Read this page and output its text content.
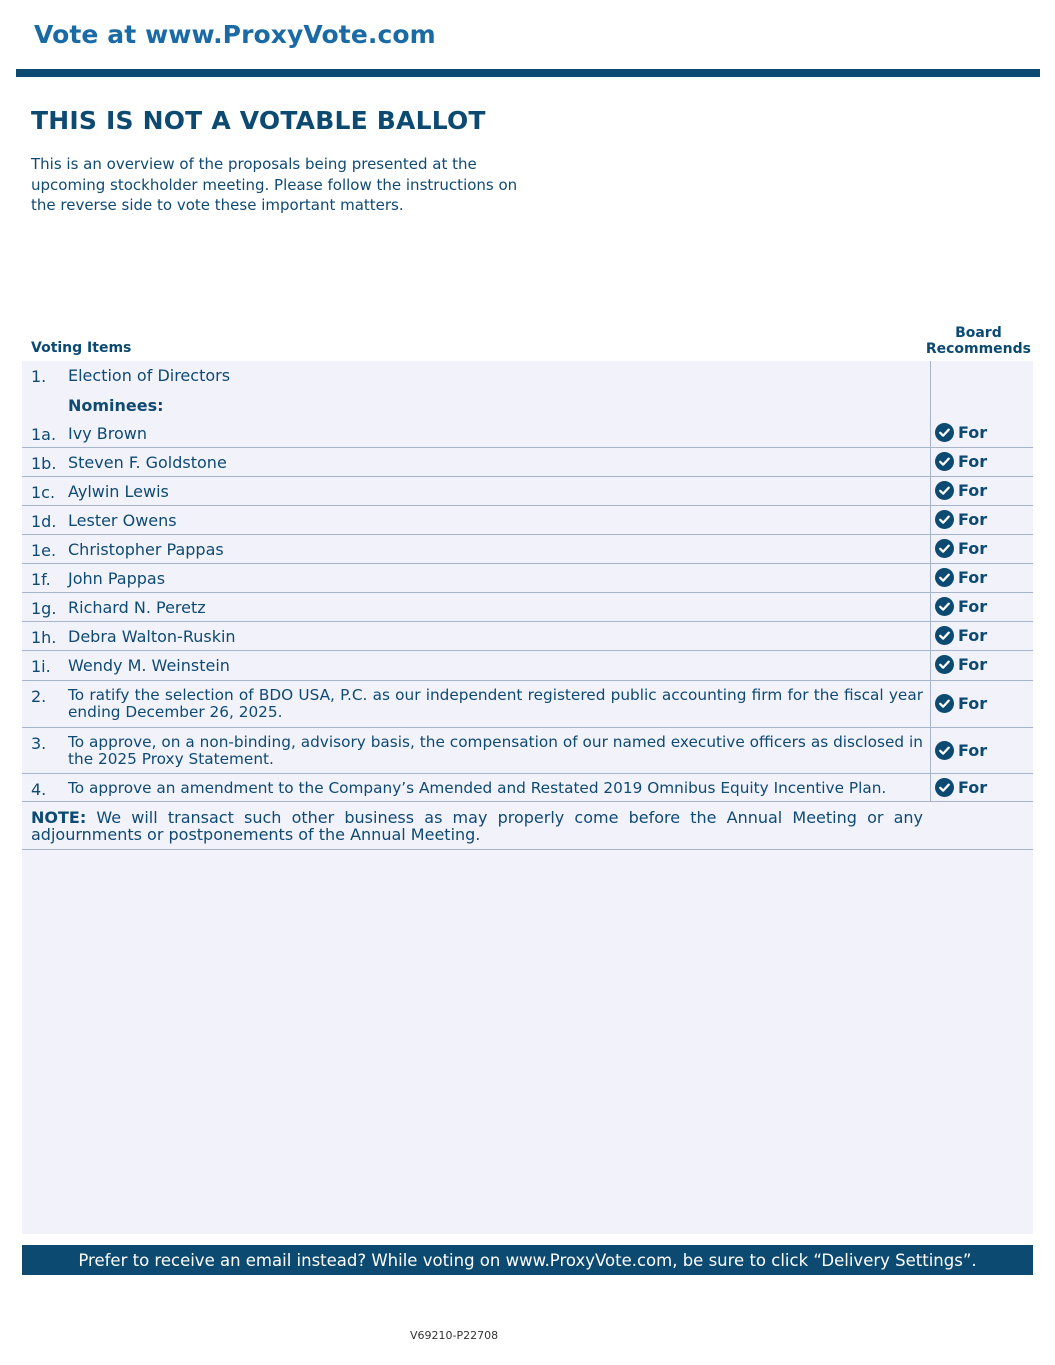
Vote at www.ProxyVote.com
THIS IS NOT A VOTABLE BALLOT
This is an overview of the proposals being presented at the upcoming stockholder meeting. Please follow the instructions on the reverse side to vote these important matters.
Voting Items
Board
Recommends
1. Election of Directors
Nominees:
1a. Ivy Brown	For
1b. Steven F. Goldstone	For
1c. Aylwin Lewis	For
1d. Lester Owens	For
1e. Christopher Pappas	For
1f. John Pappas	For
1g. Richard N. Peretz	For
1h. Debra Walton-Ruskin	For
1i. Wendy M. Weinstein	For
2. To ratify the selection of BDO USA, P.C. as our independent registered public accounting firm for the fiscal year ending December 26, 2025.	For
3. To approve, on a non-binding, advisory basis, the compensation of our named executive officers as disclosed in the 2025 Proxy Statement.	For
4. To approve an amendment to the Company’s Amended and Restated 2019 Omnibus Equity Incentive Plan.	For
NOTE: We will transact such other business as may properly come before the Annual Meeting or any adjournments or postponements of the Annual Meeting.
Prefer to receive an email instead? While voting on www.ProxyVote.com, be sure to click “Delivery Settings”.
V69210-P22708
